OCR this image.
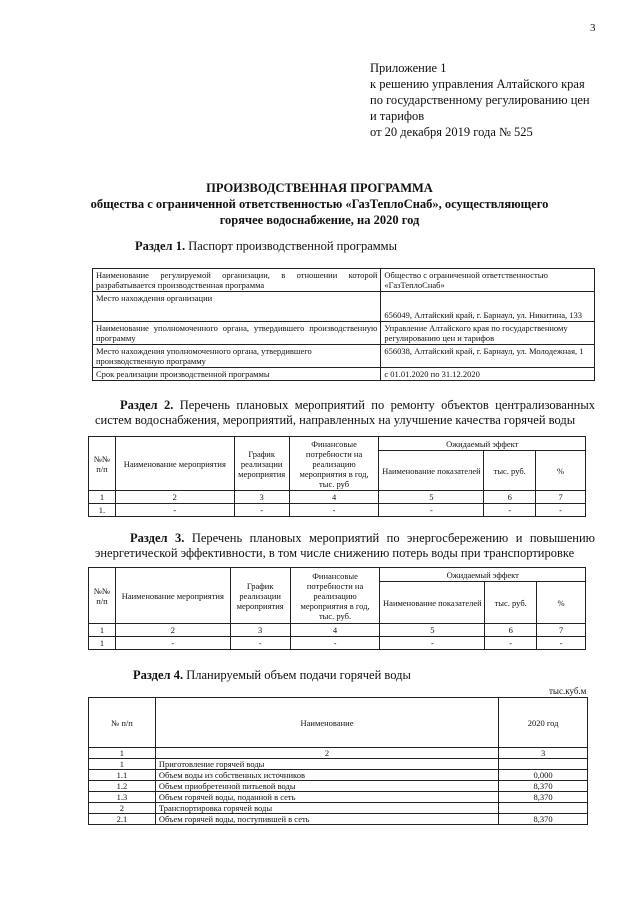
3
Приложение 1
к решению управления Алтайского края
по государственному регулированию цен
и тарифов
от 20 декабря 2019 года № 525
ПРОИЗВОДСТВЕННАЯ ПРОГРАММА
общества с ограниченной ответственностью «ГазТеплоСнаб», осуществляющего
горячее водоснабжение, на 2020 год
Раздел 1. Паспорт производственной программы
Наименование регулируемой организации, в отношении которой разрабатывается производственная программа	Общество с ограниченной ответственностью «ГазТеплоСнаб»
Место нахождения организации	656049, Алтайский край, г. Барнаул, ул. Никитина, 133
Наименование уполномоченного органа, утвердившего производственную программу	Управление Алтайского края по государственному регулированию цен и тарифов
Место нахождения уполномоченного органа, утвердившего производственную программу	656038, Алтайский край, г. Барнаул, ул. Молодежная, 1
Срок реализации производственной программы	с 01.01.2020 по 31.12.2020
Раздел 2. Перечень плановых мероприятий по ремонту объектов централизованных систем водоснабжения, мероприятий, направленных на улучшение качества горячей воды
№№ п/п	Наименование мероприятия	График реализации мероприятия	Финансовые потребности на реализацию мероприятия в год, тыс. руб	Ожидаемый эффект		
				Наименование показателей	тыс. руб.	%
1	2	3	4	5	6	7
1.	-	-	-	-	-	-
Раздел 3. Перечень плановых мероприятий по энергосбережению и повышению энергетической эффективности, в том числе снижению потерь воды при транспортировке
№№ п/п	Наименование мероприятия	График реализации мероприятия	Финансовые потребности на реализацию мероприятия в год, тыс. руб.	Ожидаемый эффект		
				Наименование показателей	тыс. руб.	%
1	2	3	4	5	6	7
1	-	-	-	-	-	-
Раздел 4. Планируемый объем подачи горячей воды
тыс.куб.м
№ п/п	Наименование	2020 год
1	2	3
1	Приготовление горячей воды	
1.1	Объем воды из собственных источников	0,000
1.2	Объем приобретенной питьевой воды	8,370
1.3	Объем горячей воды, поданной в сеть	8,370
2	Транспортировка горячей воды	
2.1	Объем горячей воды, поступившей в сеть	8,370
